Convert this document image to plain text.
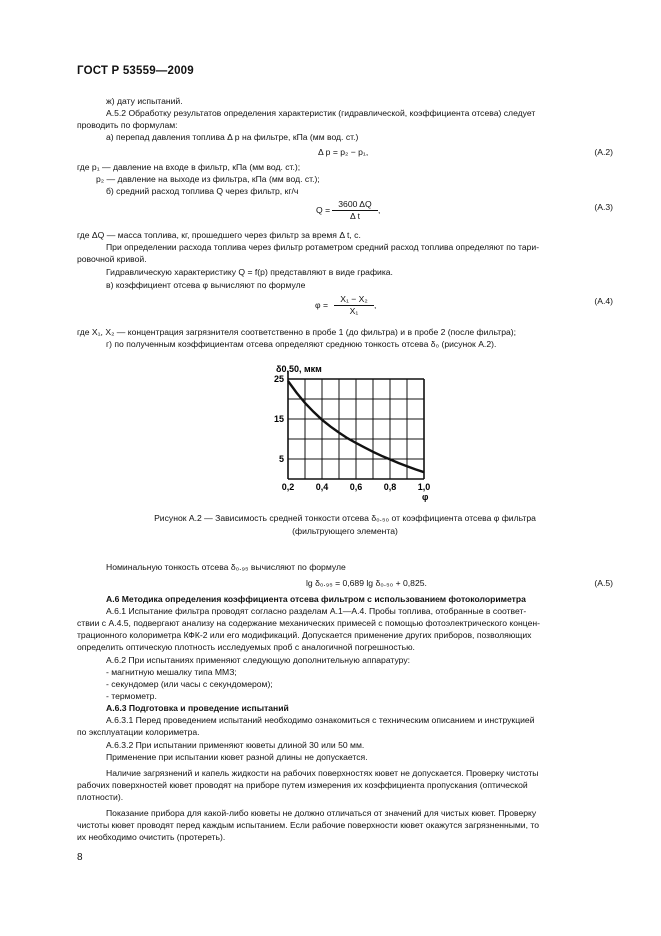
ГОСТ Р 53559—2009
ж) дату испытаний.
А.5.2 Обработку результатов определения характеристик (гидравлической, коэффициента отсева) следует
проводить по формулам:
а) перепад давления топлива Δ p на фильтре, кПа (мм вод. ст.)
Δ p = p₂ − p₁,	(А.2)
где p₁ — давление на входе в фильтр, кПа (мм вод. ст.);
p₂ — давление на выходе из фильтра, кПа (мм вод. ст.);
б) средний расход топлива Q через фильтр, кг/ч
$Q = \frac{3600 \Delta Q}{\text{Δ t}}$ ,	(А.3)
где ΔQ — масса топлива, кг, прошедшего через фильтр за время Δ t, с.
При определении расхода топлива через фильтр ротаметром средний расход топлива определяют по тари-
ровочной кривой.
Гидравлическую характеристику Q = f(p) представляют в виде графика.
в) коэффициент отсева φ вычисляют по формуле
$\varphi = \frac{\text{X₁ − X₂}}{\text{X₁}}$ ,	(А.4)
где X₁, X₂ — концентрация загрязнителя соответственно в пробе 1 (до фильтра) и в пробе 2 (после фильтра);
г) по полученным коэффициентам отсева определяют среднюю тонкость отсева δ₀ (рисунок А.2).
25
15
5
0,2 0,4 0,6 0,8 1,0
δ0,50, мкм
φ
Рисунок А.2 — Зависимость средней тонкости отсева δ₀.₅₀ от коэффициента отсева φ фильтра
(фильтрующего элемента)
Номинальную тонкость отсева δ₀.₉₅ вычисляют по формуле
lg δ₀.₉₅ = 0,689 lg δ₀.₅₀ + 0,825.	(А.5)
А.6 Методика определения коэффициента отсева фильтром с использованием фотоколориметра
А.6.1 Испытание фильтра проводят согласно разделам А.1—А.4. Пробы топлива, отобранные в соответ-
ствии с А.4.5, подвергают анализу на содержание механических примесей с помощью фотоэлектрического концен-
трационного колориметра КФК-2 или его модификаций. Допускается применение других приборов, позволяющих
определить оптическую плотность исследуемых проб с аналогичной погрешностью.
А.6.2 При испытаниях применяют следующую дополнительную аппаратуру:
- магнитную мешалку типа ММЗ;
- секундомер (или часы с секундомером);
- термометр.
А.6.3 Подготовка и проведение испытаний
А.6.3.1 Перед проведением испытаний необходимо ознакомиться с техническим описанием и инструкцией
по эксплуатации колориметра.
А.6.3.2 При испытании применяют кюветы длиной 30 или 50 мм.
Применение при испытании кювет разной длины не допускается.
Наличие загрязнений и капель жидкости на рабочих поверхностях кювет не допускается. Проверку чистоты
рабочих поверхностей кювет проводят на приборе путем измерения их коэффициента пропускания (оптической
плотности).
Показание прибора для какой-либо кюветы не должно отличаться от значений для чистых кювет. Проверку
чистоты кювет проводят перед каждым испытанием. Если рабочие поверхности кювет окажутся загрязненными, то
их необходимо очистить (протереть).
8
